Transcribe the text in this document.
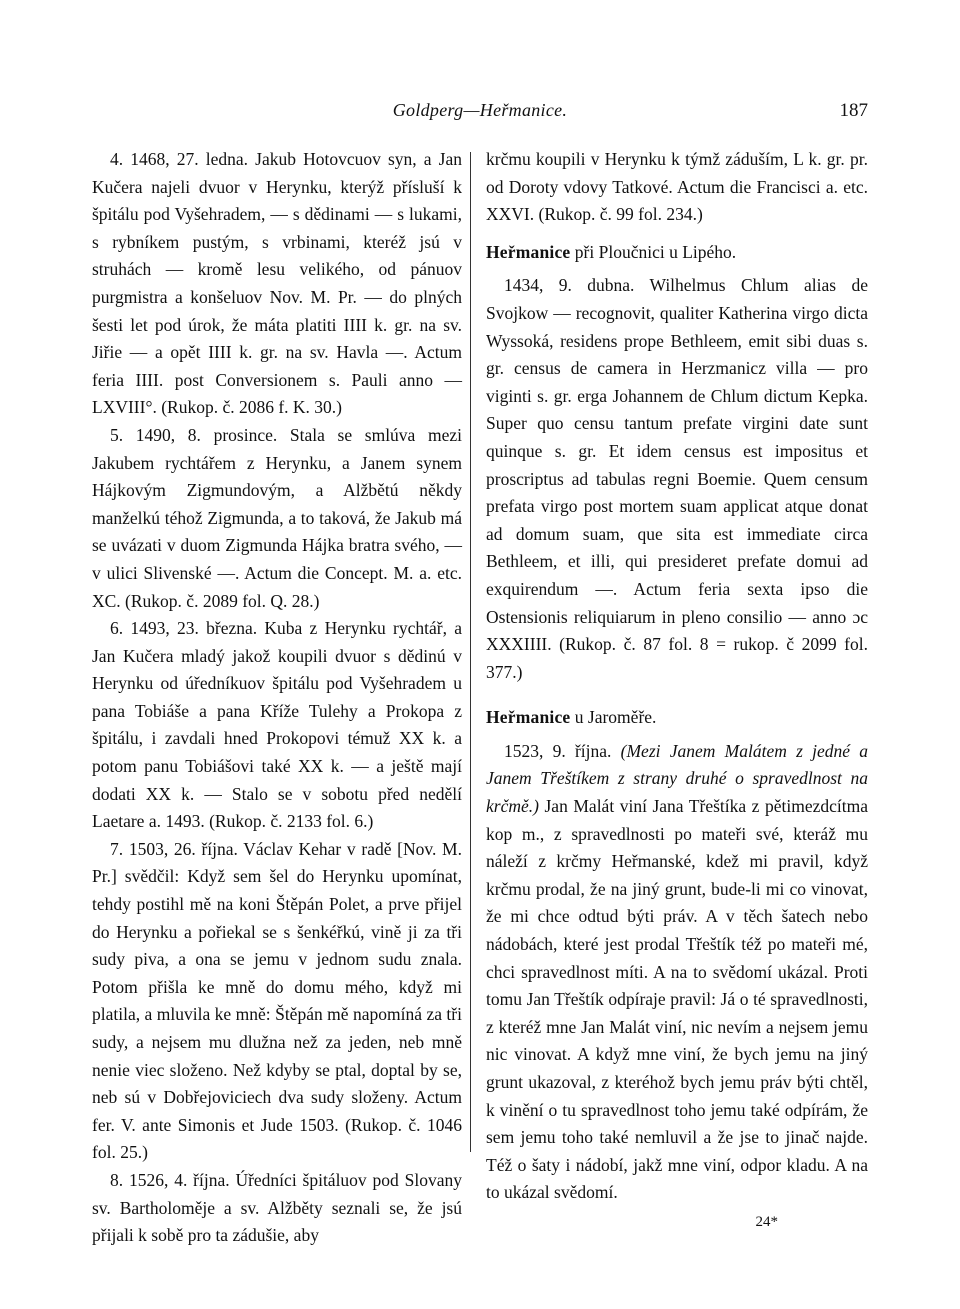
Goldperg—Heřmanice.	187

4. 1468, 27. ledna. Jakub Hotovcuov syn, a Jan Kučera najeli dvuor v Herynku, kterýž přísluší k špitálu pod Vyšehradem, — s dědinami — s lukami, s rybníkem pustým, s vrbinami, kteréž jsú v struhách — kromě lesu velikého, od pánuov purgmistra a konšeluov Nov. M. Pr. — do plných šesti let pod úrok, že máta platiti IIII k. gr. na sv. Jiřie — a opět IIII k. gr. na sv. Havla —. Actum feria IIII. post Conversionem s. Pauli anno — LXVIII°. (Rukop. č. 2086 f. K. 30.)

5. 1490, 8. prosince. Stala se smlúva mezi Jakubem rychtářem z Herynku, a Janem synem Hájkovým Zigmundovým, a Alžbětú někdy manželkú téhož Zigmunda, a to taková, že Jakub má se uvázati v duom Zigmunda Hájka bratra svého, — v ulici Slivenské —. Actum die Concept. M. a. etc. XC. (Rukop. č. 2089 fol. Q. 28.)

6. 1493, 23. března. Kuba z Herynku rychtář, a Jan Kučera mladý jakož koupili dvuor s dědinú v Herynku od úředníkuov špitálu pod Vyšehradem u pana Tobiáše a pana Kříže Tulehy a Prokopa z špitálu, i zavdali hned Prokopovi témuž XX k. a potom panu Tobiášovi také XX k. — a ještě mají dodati XX k. — Stalo se v sobotu před nedělí Laetare a. 1493. (Rukop. č. 2133 fol. 6.)

7. 1503, 26. října. Václav Kehar v radě [Nov. M. Pr.] svědčil: Když sem šel do Herynku upomínat, tehdy postihl mě na koni Štěpán Polet, a prve přijel do Herynku a pořiekal se s šenkéřkú, vině ji za tři sudy piva, a ona se jemu v jednom sudu znala. Potom přišla ke mně do domu mého, když mi platila, a mluvila ke mně: Štěpán mě napomíná za tři sudy, a nejsem mu dlužna než za jeden, neb mně nenie viec složeno. Než kdyby se ptal, doptal by se, neb sú v Dobřejoviciech dva sudy složeny. Actum fer. V. ante Simonis et Jude 1503. (Rukop. č. 1046 fol. 25.)

8. 1526, 4. října. Úředníci špitáluov pod Slovany sv. Bartholoměje a sv. Alžběty seznali se, že jsú přijali k sobě pro ta zádušie, aby

krčmu koupili v Herynku k týmž záduším, L k. gr. pr. od Doroty vdovy Tatkové. Actum die Francisci a. etc. XXVI. (Rukop. č. 99 fol. 234.)

Heřmanice při Ploučnici u Lipého.

1434, 9. dubna. Wilhelmus Chlum alias de Svojkow — recognovit, qualiter Katherina virgo dicta Wyssoká, residens prope Bethleem, emit sibi duas s. gr. census de camera in Herzmanicz villa — pro viginti s. gr. erga Johannem de Chlum dictum Kepka. Super quo censu tantum prefate virgini date sunt quinque s. gr. Et idem census est impositus et proscriptus ad tabulas regni Boemie. Quem censum prefata virgo post mortem suam applicat atque donat ad domum suam, que sita est immediate circa Bethleem, et illi, qui presideret prefate domui ad exquirendum —. Actum feria sexta ipso die Ostensionis reliquiarum in pleno consilio — anno ɔc XXXIIII. (Rukop. č. 87 fol. 8 = rukop. č 2099 fol. 377.)

Heřmanice u Jaroměře.

1523, 9. října. (Mezi Janem Malátem z jedné a Janem Třeštíkem z strany druhé o spravedlnost na krčmě.) Jan Malát viní Jana Třeštíka z pětimezdcítma kop m., z spravedlnosti po mateři své, kteráž mu náleží z krčmy Heřmanské, kdež mi pravil, když krčmu prodal, že na jiný grunt, bude-li mi co vinovat, že mi chce odtud býti práv. A v těch šatech nebo nádobách, které jest prodal Třeštík též po mateři mé, chci spravedlnost míti. A na to svědomí ukázal. Proti tomu Jan Třeštík odpíraje pravil: Já o té spravedlnosti, z kteréž mne Jan Malát viní, nic nevím a nejsem jemu nic vinovat. A když mne viní, že bych jemu na jiný grunt ukazoval, z kteréhož bych jemu práv býti chtěl, k vinění o tu spravedlnost toho jemu také odpírám, že sem jemu toho také nemluvil a že jse to jinač najde. Též o šaty i nádobí, jakž mne viní, odpor kladu. A na to ukázal svědomí.

24*
